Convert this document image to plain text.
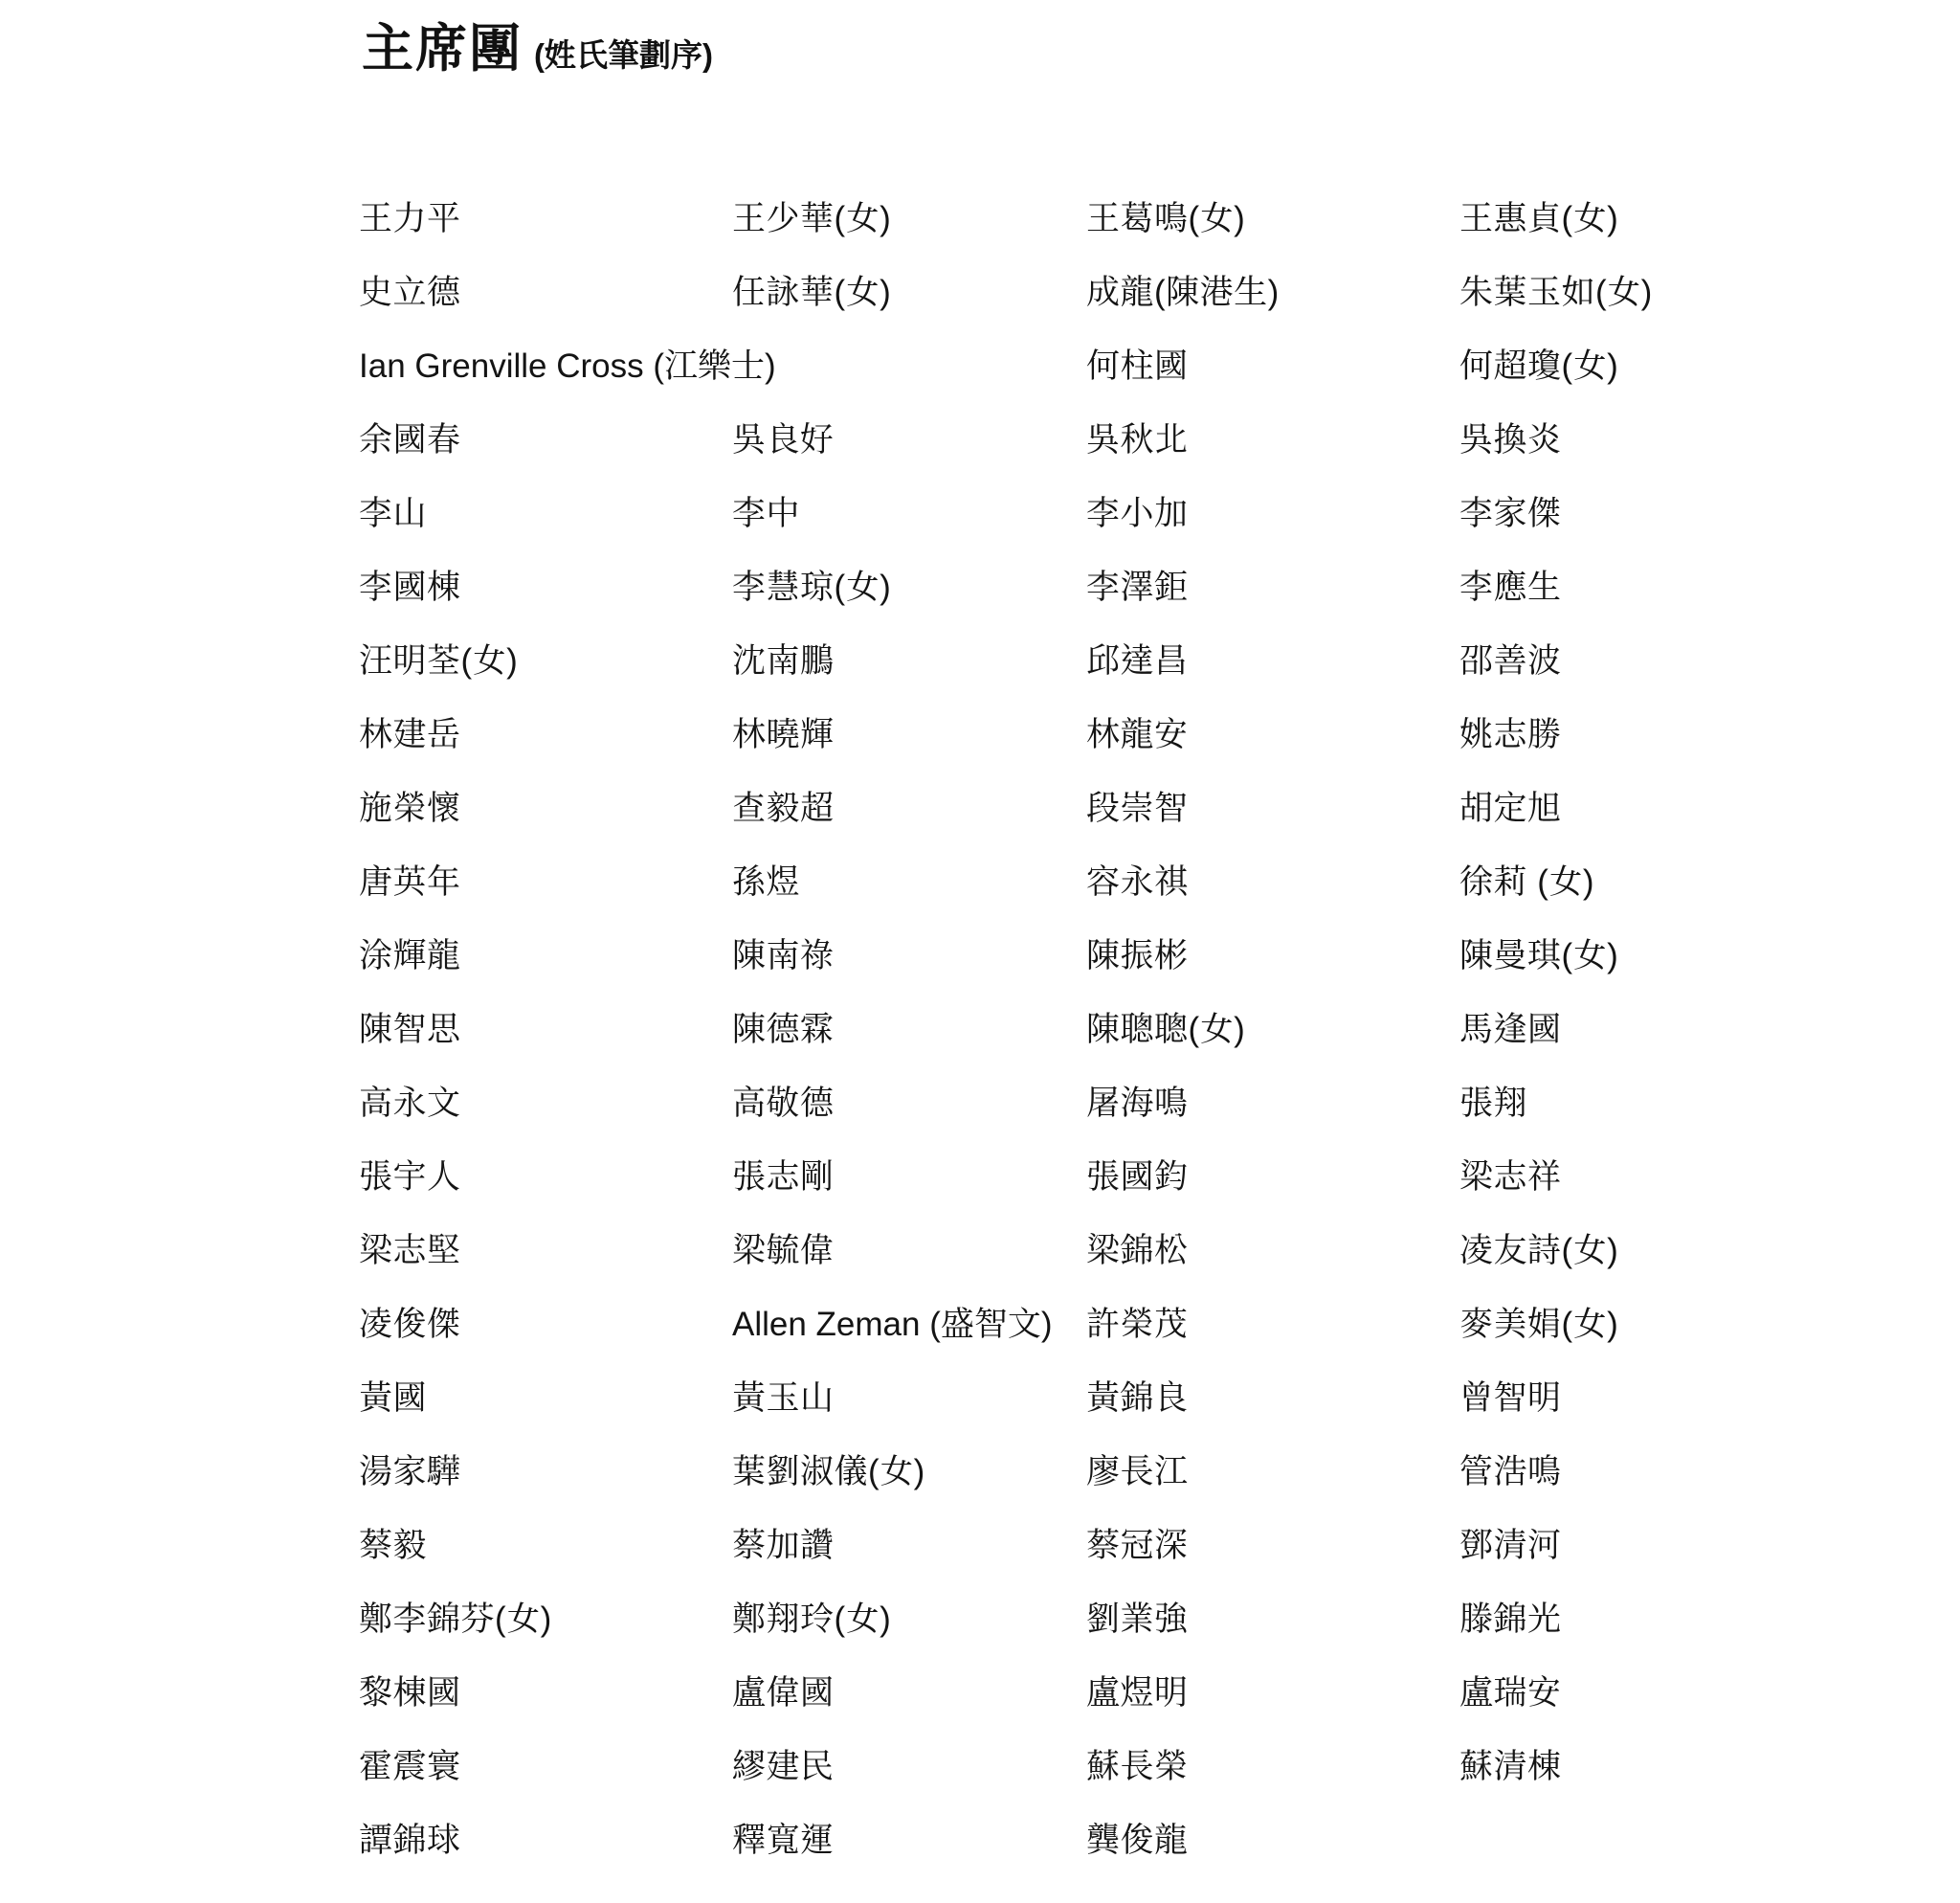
主席團 (姓氏筆劃序)
王力平	王少華(女)	王葛鳴(女)	王惠貞(女)
史立德	任詠華(女)	成龍(陳港生)	朱葉玉如(女)
Ian Grenville Cross (江樂士)	何柱國	何超瓊(女)
余國春	吳良好	吳秋北	吳換炎
李山	李中	李小加	李家傑
李國棟	李慧琼(女)	李澤鉅	李應生
汪明荃(女)	沈南鵬	邱達昌	邵善波
林建岳	林曉輝	林龍安	姚志勝
施榮懷	查毅超	段崇智	胡定旭
唐英年	孫煜	容永祺	徐莉 (女)
涂輝龍	陳南祿	陳振彬	陳曼琪(女)
陳智思	陳德霖	陳聰聰(女)	馬逢國
高永文	高敬德	屠海鳴	張翔
張宇人	張志剛	張國鈞	梁志祥
梁志堅	梁毓偉	梁錦松	凌友詩(女)
凌俊傑	Allen Zeman (盛智文)	許榮茂	麥美娟(女)
黃國	黃玉山	黃錦良	曾智明
湯家驊	葉劉淑儀(女)	廖長江	管浩鳴
蔡毅	蔡加讚	蔡冠深	鄧清河
鄭李錦芬(女)	鄭翔玲(女)	劉業強	滕錦光
黎棟國	盧偉國	盧煜明	盧瑞安
霍震寰	繆建民	蘇長榮	蘇清棟
譚錦球	釋寬運	龔俊龍
